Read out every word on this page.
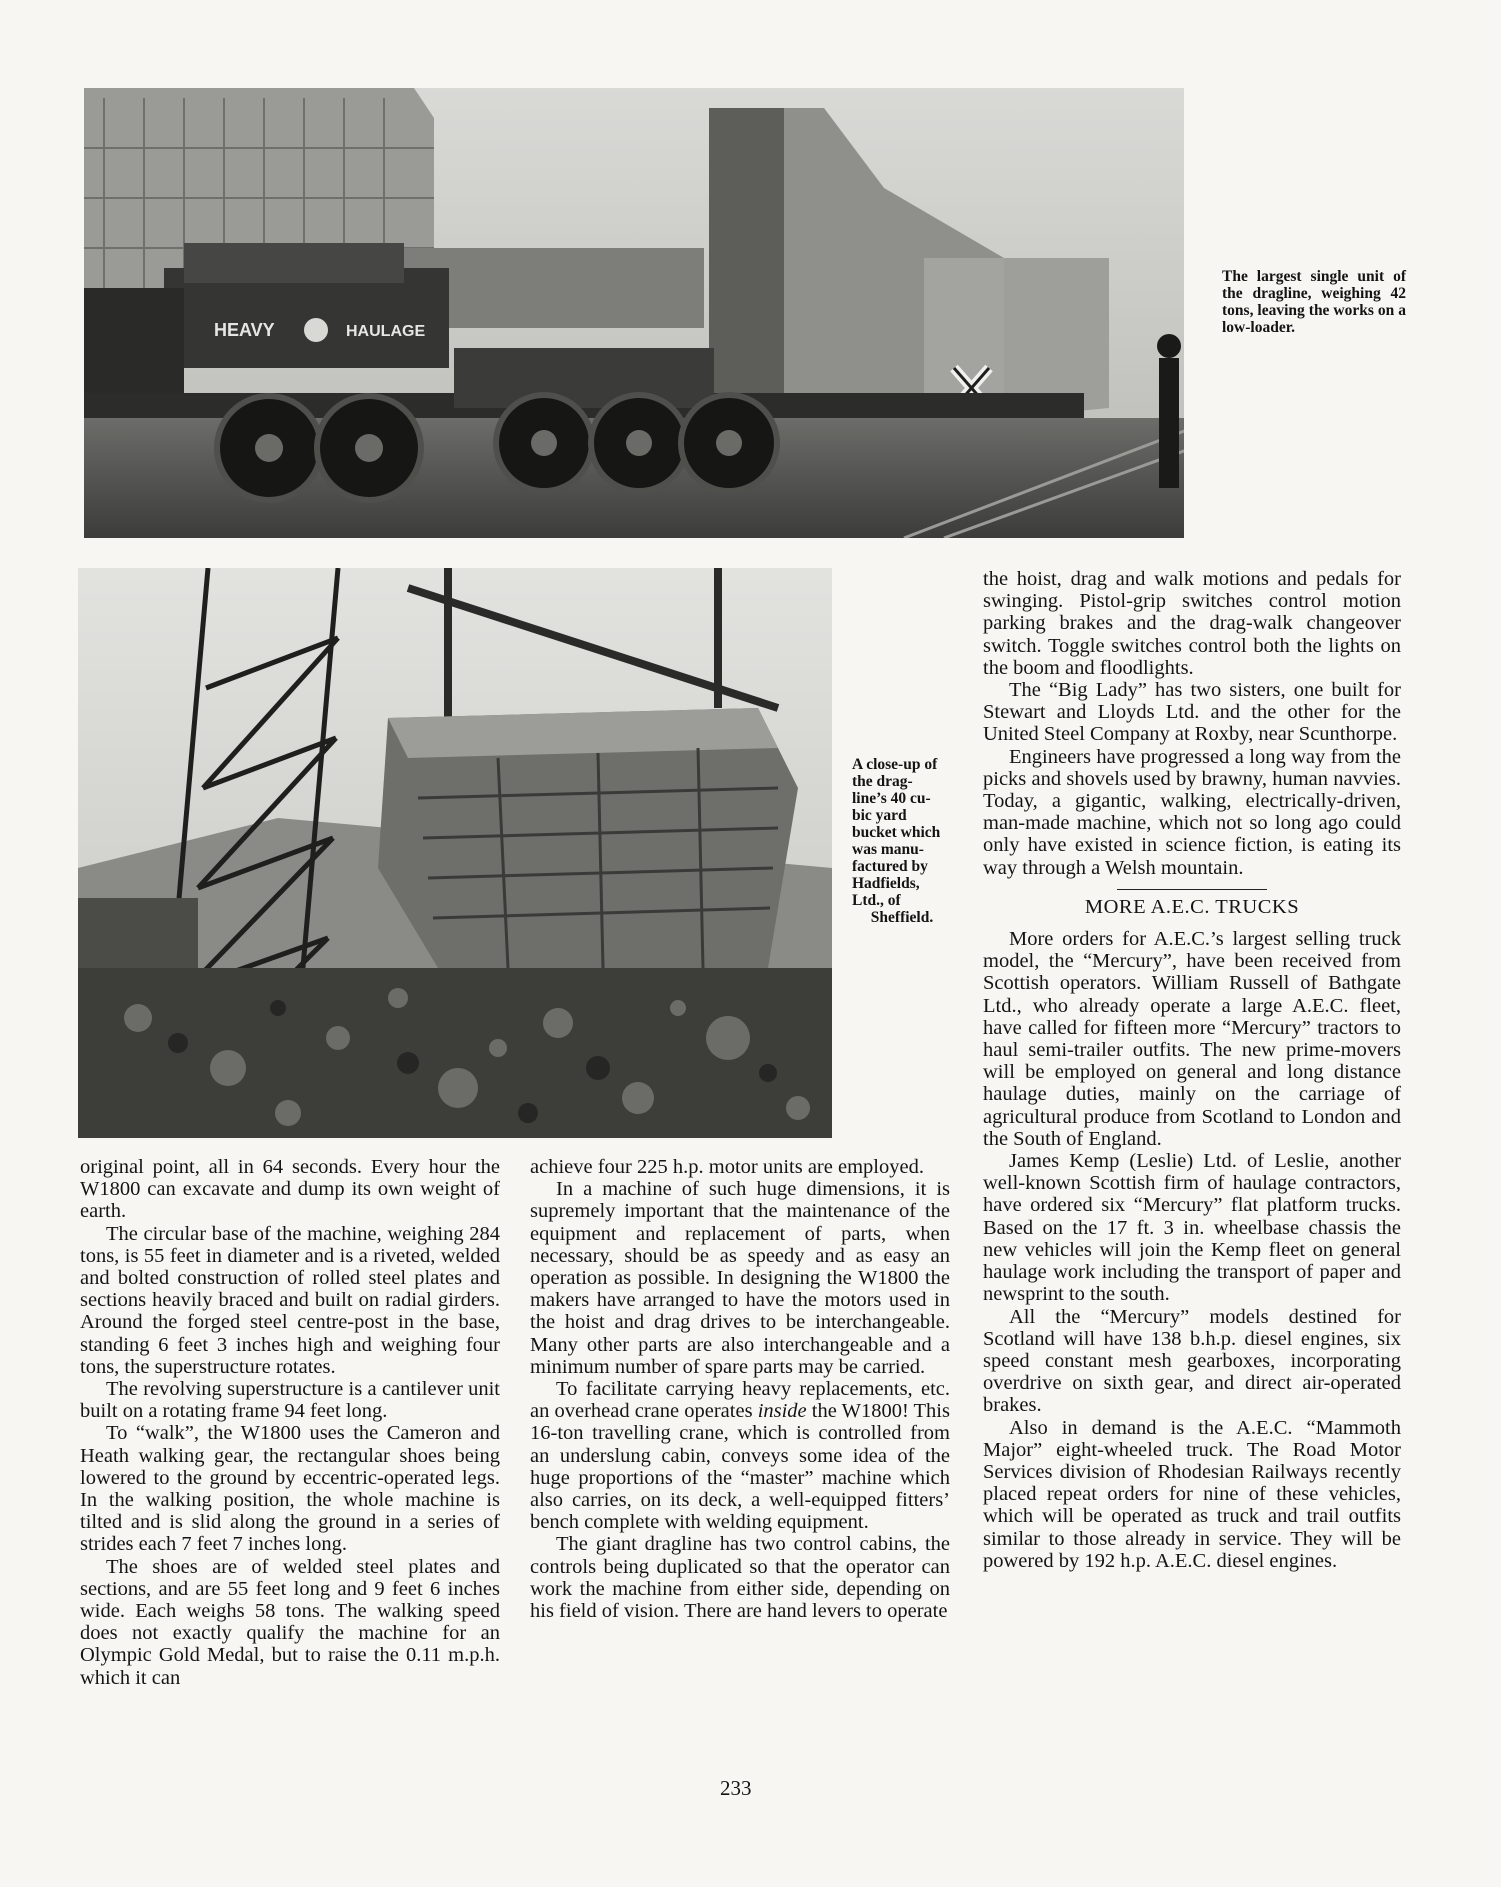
HEAVY	HAULAGE
The largest single unit of the dragline, weighing 42 tons, leaving the works on a low-loader.
A close-up of
the drag-
line’s 40 cu-
bic yard
bucket which
was manu-
factured by
Hadfields,
Ltd., of
Sheffield.

original point, all in 64 seconds. Every hour the W1800 can excavate and dump its own weight of earth.

The circular base of the machine, weighing 284 tons, is 55 feet in diameter and is a riveted, welded and bolted construction of rolled steel plates and sections heavily braced and built on radial girders. Around the forged steel centre-post in the base, standing 6 feet 3 inches high and weighing four tons, the superstructure rotates.

The revolving superstructure is a cantilever unit built on a rotating frame 94 feet long.

To “walk”, the W1800 uses the Cameron and Heath walking gear, the rectangular shoes being lowered to the ground by eccentric-operated legs. In the walking position, the whole machine is tilted and is slid along the ground in a series of strides each 7 feet 7 inches long.

The shoes are of welded steel plates and sections, and are 55 feet long and 9 feet 6 inches wide. Each weighs 58 tons. The walking speed does not exactly qualify the machine for an Olympic Gold Medal, but to raise the 0.11 m.p.h. which it can

achieve four 225 h.p. motor units are employed.

In a machine of such huge dimensions, it is supremely important that the maintenance of the equipment and replacement of parts, when necessary, should be as speedy and as easy an operation as possible. In designing the W1800 the makers have arranged to have the motors used in the hoist and drag drives to be interchangeable. Many other parts are also interchangeable and a minimum number of spare parts may be carried.

To facilitate carrying heavy replacements, etc. an overhead crane operates inside the W1800! This 16-ton travelling crane, which is controlled from an underslung cabin, conveys some idea of the huge proportions of the “master” machine which also carries, on its deck, a well-equipped fitters’ bench complete with welding equipment.

The giant dragline has two control cabins, the controls being duplicated so that the operator can work the machine from either side, depending on his field of vision. There are hand levers to operate

the hoist, drag and walk motions and pedals for swinging. Pistol-grip switches control motion parking brakes and the drag-walk changeover switch. Toggle switches control both the lights on the boom and floodlights.

The “Big Lady” has two sisters, one built for Stewart and Lloyds Ltd. and the other for the United Steel Company at Roxby, near Scunthorpe.

Engineers have progressed a long way from the picks and shovels used by brawny, human navvies. Today, a gigantic, walking, electrically-driven, man-made machine, which not so long ago could only have existed in science fiction, is eating its way through a Welsh mountain.

MORE A.E.C. TRUCKS

More orders for A.E.C.’s largest selling truck model, the “Mercury”, have been received from Scottish operators. William Russell of Bathgate Ltd., who already operate a large A.E.C. fleet, have called for fifteen more “Mercury” tractors to haul semi-trailer outfits. The new prime-movers will be employed on general and long distance haulage duties, mainly on the carriage of agricultural produce from Scotland to London and the South of England.

James Kemp (Leslie) Ltd. of Leslie, another well-known Scottish firm of haulage contractors, have ordered six “Mercury” flat platform trucks. Based on the 17 ft. 3 in. wheelbase chassis the new vehicles will join the Kemp fleet on general haulage work including the transport of paper and newsprint to the south.

All the “Mercury” models destined for Scotland will have 138 b.h.p. diesel engines, six speed constant mesh gearboxes, incorporating overdrive on sixth gear, and direct air-operated brakes.

Also in demand is the A.E.C. “Mammoth Major” eight-wheeled truck. The Road Motor Services division of Rhodesian Railways recently placed repeat orders for nine of these vehicles, which will be operated as truck and trail outfits similar to those already in service. They will be powered by 192 h.p. A.E.C. diesel engines.

233
